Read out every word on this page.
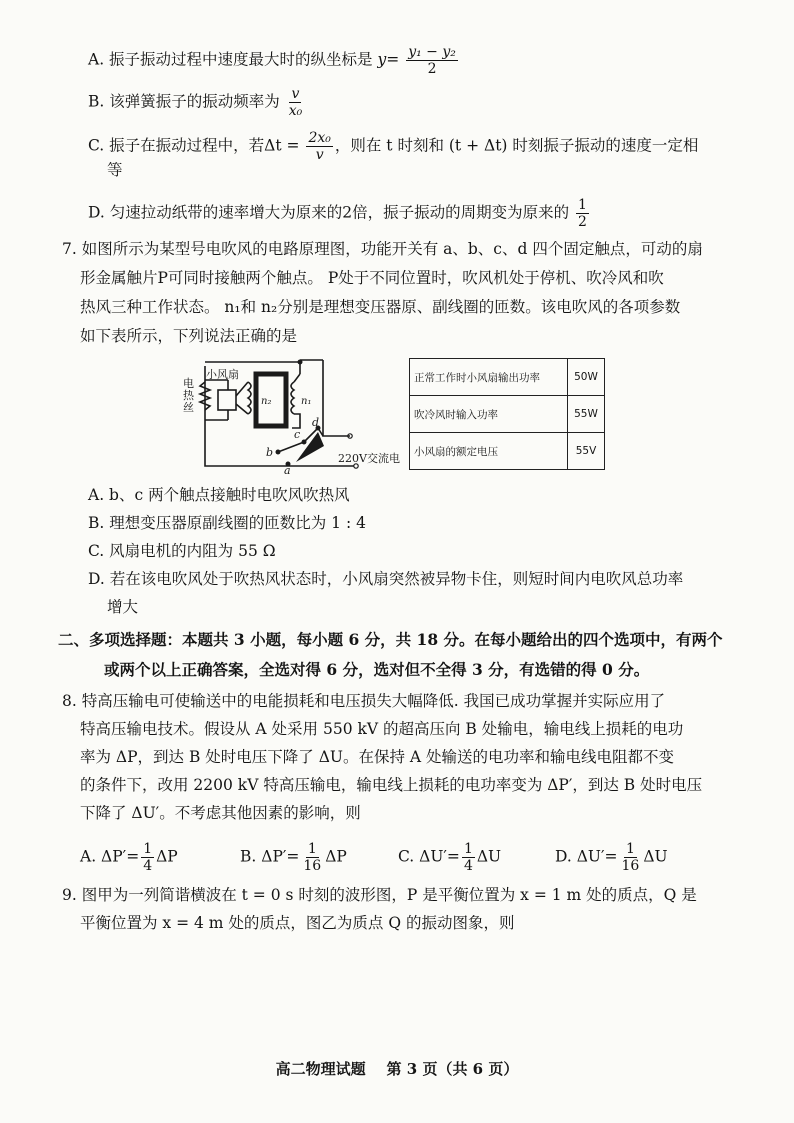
A. 振子振动过程中速度最大时的纵坐标是 $y= \frac{\text{y₁ − y₂}}{2}$
B. 该弹簧振子的振动频率为 $\frac{v}{\text{x₀}}$
C. 振子在振动过程中，若$\Delta t = \frac{\text{2x₀}}{v}$ ，则在 t 时刻和 (t + Δt) 时刻振子振动的速度一定相
等
D. 匀速拉动纸带的速率增大为原来的2倍，振子振动的周期变为原来的 $\frac{1}{2}$
7. 如图所示为某型号电吹风的电路原理图，功能开关有 a、b、c、d 四个固定触点，可动的扇
形金属触片P可同时接触两个触点。 P处于不同位置时，吹风机处于停机、吹冷风和吹
热风三种工作状态。 n₁和 n₂分别是理想变压器原、副线圈的匝数。该电吹风的各项参数
如下表所示，下列说法正确的是
小风扇
n₂	n₁
b
a
c
d
220V交流电
电热丝
正常工作时小风扇输出功率	50W
吹冷风时输入功率	55W
小风扇的额定电压	55V
A. b、c 两个触点接触时电吹风吹热风
B. 理想变压器原副线圈的匝数比为 1 : 4
C. 风扇电机的内阻为 55 Ω
D. 若在该电吹风处于吹热风状态时，小风扇突然被异物卡住，则短时间内电吹风总功率
增大
二、多项选择题：本题共 3 小题，每小题 6 分，共 18 分。在每小题给出的四个选项中，有两个
或两个以上正确答案，全选对得 6 分，选对但不全得 3 分，有选错的得 0 分。
8. 特高压输电可使输送中的电能损耗和电压损失大幅降低. 我国已成功掌握并实际应用了
特高压输电技术。假设从 A 处采用 550 kV 的超高压向 B 处输电，输电线上损耗的电功
率为 ΔP，到达 B 处时电压下降了 ΔU。在保持 A 处输送的电功率和输电线电阻都不变
的条件下，改用 2200 kV 特高压输电，输电线上损耗的电功率变为 ΔP′，到达 B 处时电压
下降了 ΔU′。不考虑其他因素的影响，则
A. $\Delta P'= \frac{1}{4}$ ΔP	B. $\Delta P'= \frac{1}{16}$ ΔP	C. $\Delta U'= \frac{1}{4}$ ΔU	D. $\Delta U'= \frac{1}{16}$ ΔU
9. 图甲为一列简谐横波在 t = 0 s 时刻的波形图，P 是平衡位置为 x = 1 m 处的质点，Q 是
平衡位置为 x = 4 m 处的质点，图乙为质点 Q 的振动图象，则
高二物理试题    第 3 页（共 6 页）
